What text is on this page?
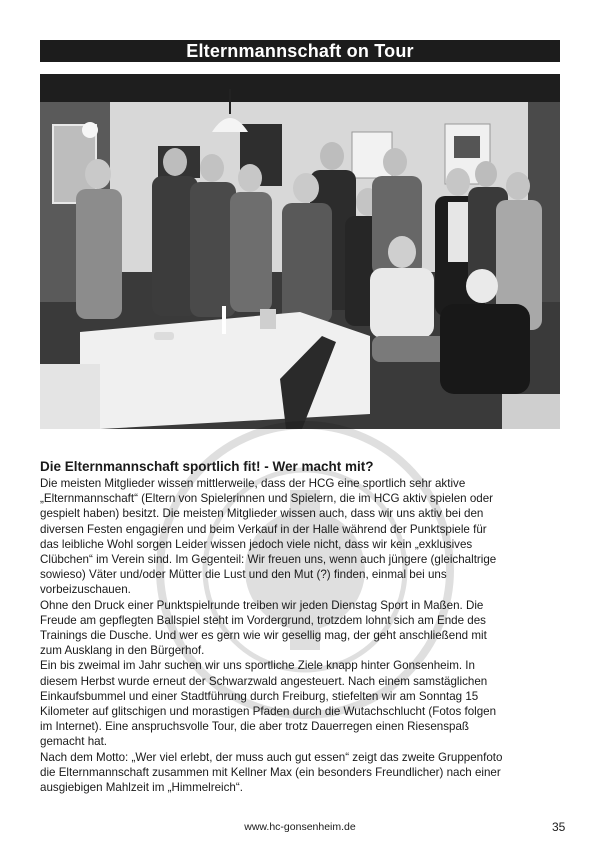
Elternmannschaft on Tour

Die Elternmannschaft sportlich fit! - Wer macht mit?

Die meisten Mitglieder wissen mittlerweile, dass der HCG eine sportlich sehr aktive
„Elternmannschaft“ (Eltern von Spielerinnen und Spielern, die im HCG aktiv spielen oder
gespielt haben) besitzt. Die meisten Mitglieder wissen auch, dass wir uns aktiv bei den
diversen Festen engagieren und beim Verkauf in der Halle während der Punktspiele für
das leibliche Wohl sorgen Leider wissen jedoch viele nicht, dass wir kein „exklusives
Clübchen“ im Verein sind. Im Gegenteil: Wir freuen uns, wenn auch jüngere (gleichaltrige
sowieso) Väter und/oder Mütter die Lust und den Mut (?) finden, einmal bei uns
vorbeizuschauen.

Ohne den Druck einer Punktspielrunde treiben wir jeden Dienstag Sport in Maßen. Die
Freude am gepflegten Ballspiel steht im Vordergrund, trotzdem lohnt sich am Ende des
Trainings die Dusche. Und wer es gern wie wir gesellig mag, der geht anschließend mit
zum Ausklang in den Bürgerhof.

Ein bis zweimal im Jahr suchen wir uns sportliche Ziele knapp hinter Gonsenheim. In
diesem Herbst wurde erneut der Schwarzwald angesteuert. Nach einem samstäglichen
Einkaufsbummel und einer Stadtführung durch Freiburg, stiefelten wir am Sonntag 15
Kilometer auf glitschigen und morastigen Pfaden durch die Wutachschlucht (Fotos folgen
im Internet). Eine anspruchsvolle Tour, die aber trotz Dauerregen einen Riesenspaß
gemacht hat.

Nach dem Motto: „Wer viel erlebt, der muss auch gut essen“ zeigt das zweite Gruppenfoto
die Elternmannschaft zusammen mit Kellner Max (ein besonders Freundlicher) nach einer
ausgiebigen Mahlzeit im „Himmelreich“.

www.hc-gonsenheim.de	35
